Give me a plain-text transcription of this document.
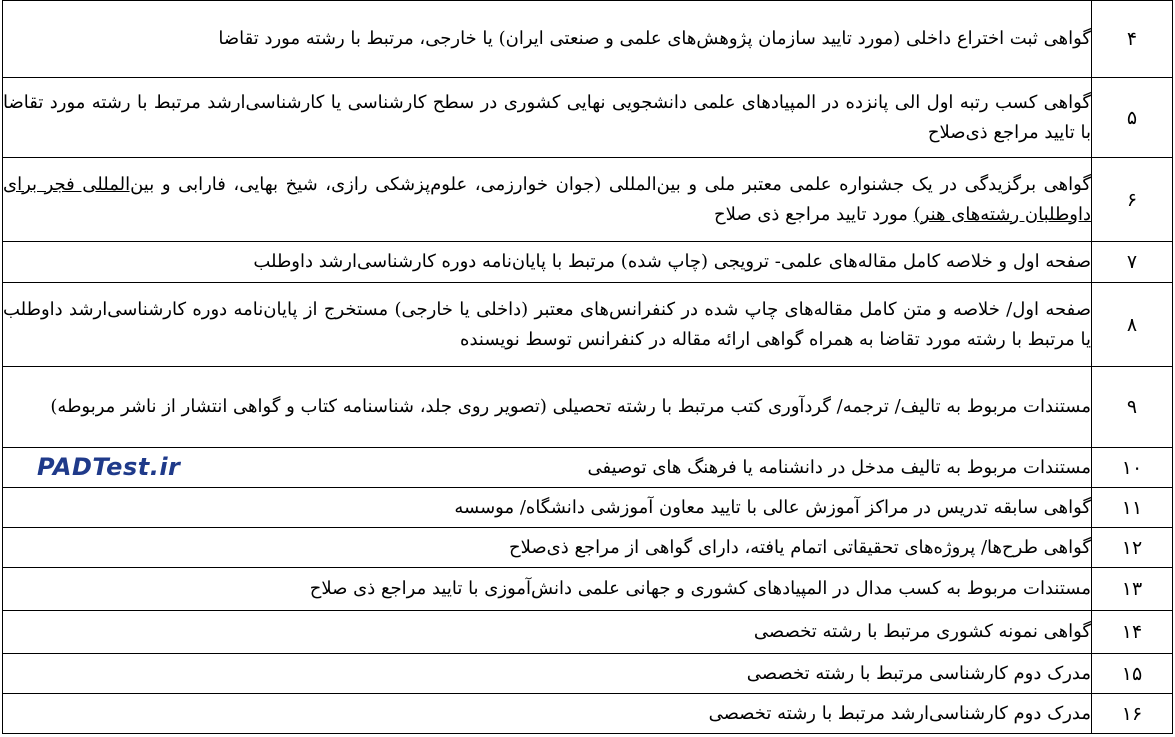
۴	گواهی ثبت اختراع داخلی (مورد تایید سازمان پژوهش‌های علمی و صنعتی ایران) یا خارجی، مرتبط با رشته مورد تقاضا
۵	گواهی کسب رتبه اول الی پانزده در المپیادهای علمی دانشجویی نهایی کشوری در سطح کارشناسی یا کارشناسی‌ارشد مرتبط با رشته مورد تقاضا با تایید مراجع ذی‌صلاح
۶	گواهی برگزیدگی در یک جشنواره علمی معتبر ملی و بین‌المللی (جوان خوارزمی، علوم‌پزشکی رازی، شیخ بهایی، فارابی و بین‌المللی فجر برای داوطلبان رشته‌های هنر) مورد تایید مراجع ذی صلاح
۷	صفحه اول و خلاصه کامل مقاله‌های علمی- ترویجی (چاپ شده) مرتبط با پایان‌نامه دوره کارشناسی‌ارشد داوطلب
۸	صفحه اول/ خلاصه و متن کامل مقاله‌های چاپ شده در کنفرانس‌های معتبر (داخلی یا خارجی) مستخرج از پایان‌نامه دوره کارشناسی‌ارشد داوطلب یا مرتبط با رشته مورد تقاضا به همراه گواهی ارائه مقاله در کنفرانس توسط نویسنده
۹	مستندات مربوط به تالیف/ ترجمه/ گردآوری کتب مرتبط با رشته تحصیلی (تصویر روی جلد، شناسنامه کتاب و گواهی انتشار از ناشر مربوطه)
۱۰	مستندات مربوط به تالیف مدخل در دانشنامه یا فرهنگ های توصیفی
۱۱	گواهی سابقه تدریس در مراکز آموزش عالی با تایید معاون آموزشی دانشگاه/ موسسه
۱۲	گواهی طرح‌ها/ پروژه‌های تحقیقاتی اتمام یافته، دارای گواهی از مراجع ذی‌صلاح
۱۳	مستندات مربوط به کسب مدال در المپیادهای کشوری و جهانی علمی دانش‌آموزی با تایید مراجع ذی صلاح
۱۴	گواهی نمونه کشوری مرتبط با رشته تخصصی
۱۵	مدرک دوم کارشناسی مرتبط با رشته تخصصی
۱۶	مدرک دوم کارشناسی‌ارشد مرتبط با رشته تخصصی
PADTest.ir
